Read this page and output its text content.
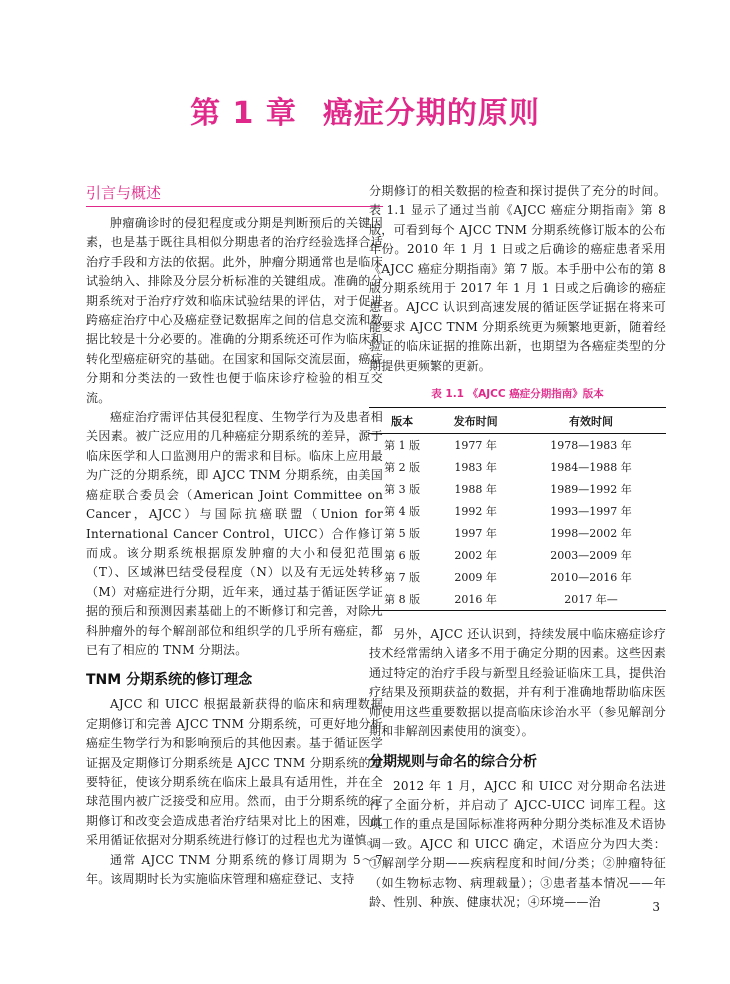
第 1 章 癌症分期的原则
引言与概述

肿瘤确诊时的侵犯程度或分期是判断预后的关键因素，也是基于既往具相似分期患者的治疗经验选择合适治疗手段和方法的依据。此外，肿瘤分期通常也是临床试验纳入、排除及分层分析标准的关键组成。准确的分期系统对于治疗疗效和临床试验结果的评估，对于促进跨癌症治疗中心及癌症登记数据库之间的信息交流和数据比较是十分必要的。准确的分期系统还可作为临床和转化型癌症研究的基础。在国家和国际交流层面，癌症分期和分类法的一致性也便于临床诊疗检验的相互交流。

癌症治疗需评估其侵犯程度、生物学行为及患者相关因素。被广泛应用的几种癌症分期系统的差异，源于临床医学和人口监测用户的需求和目标。临床上应用最为广泛的分期系统，即 AJCC TNM 分期系统，由美国癌症联合委员会（American Joint Committee on Cancer，AJCC）与国际抗癌联盟（Union for International Cancer Control，UICC）合作修订而成。该分期系统根据原发肿瘤的大小和侵犯范围（T）、区域淋巴结受侵程度（N）以及有无远处转移（M）对癌症进行分期，近年来，通过基于循证医学证据的预后和预测因素基础上的不断修订和完善，对除儿科肿瘤外的每个解剖部位和组织学的几乎所有癌症，都已有了相应的 TNM 分期法。

TNM 分期系统的修订理念

AJCC 和 UICC 根据最新获得的临床和病理数据定期修订和完善 AJCC TNM 分期系统，可更好地分析癌症生物学行为和影响预后的其他因素。基于循证医学证据及定期修订分期系统是 AJCC TNM 分期系统的重要特征，使该分期系统在临床上最具有适用性，并在全球范围内被广泛接受和应用。然而，由于分期系统的定期修订和改变会造成患者治疗结果对比上的困难，因此采用循证依据对分期系统进行修订的过程也尤为谨慎。

通常 AJCC TNM 分期系统的修订周期为 5～7 年。该周期时长为实施临床管理和癌症登记、支持

分期修订的相关数据的检查和探讨提供了充分的时间。表 1.1 显示了通过当前《AJCC 癌症分期指南》第 8 版，可看到每个 AJCC TNM 分期系统修订版本的公布年份。2010 年 1 月 1 日或之后确诊的癌症患者采用《AJCC 癌症分期指南》第 7 版。本手册中公布的第 8 版分期系统用于 2017 年 1 月 1 日或之后确诊的癌症患者。AJCC 认识到高速发展的循证医学证据在将来可能要求 AJCC TNM 分期系统更为频繁地更新，随着经验证的临床证据的推陈出新，也期望为各癌症类型的分期提供更频繁的更新。

表 1.1 《AJCC 癌症分期指南》版本
版本	发布时间	有效时间
第 1 版	1977 年	1978—1983 年
第 2 版	1983 年	1984—1988 年
第 3 版	1988 年	1989—1992 年
第 4 版	1992 年	1993—1997 年
第 5 版	1997 年	1998—2002 年
第 6 版	2002 年	2003—2009 年
第 7 版	2009 年	2010—2016 年
第 8 版	2016 年	2017 年—

另外，AJCC 还认识到，持续发展中临床癌症诊疗技术经常需纳入诸多不用于确定分期的因素。这些因素通过特定的治疗手段与新型且经验证临床工具，提供治疗结果及预期获益的数据，并有利于准确地帮助临床医师使用这些重要数据以提高临床诊治水平（参见解剖分期和非解剖因素使用的演变）。

分期规则与命名的综合分析

2012 年 1 月，AJCC 和 UICC 对分期命名法进行了全面分析，并启动了 AJCC-UICC 词库工程。这项工作的重点是国际标准将两种分期分类标准及术语协调一致。AJCC 和 UICC 确定，术语应分为四大类：①解剖学分期——疾病程度和时间/分类；②肿瘤特征（如生物标志物、病理载量）；③患者基本情况——年龄、性别、种族、健康状况；④环境——治	3
